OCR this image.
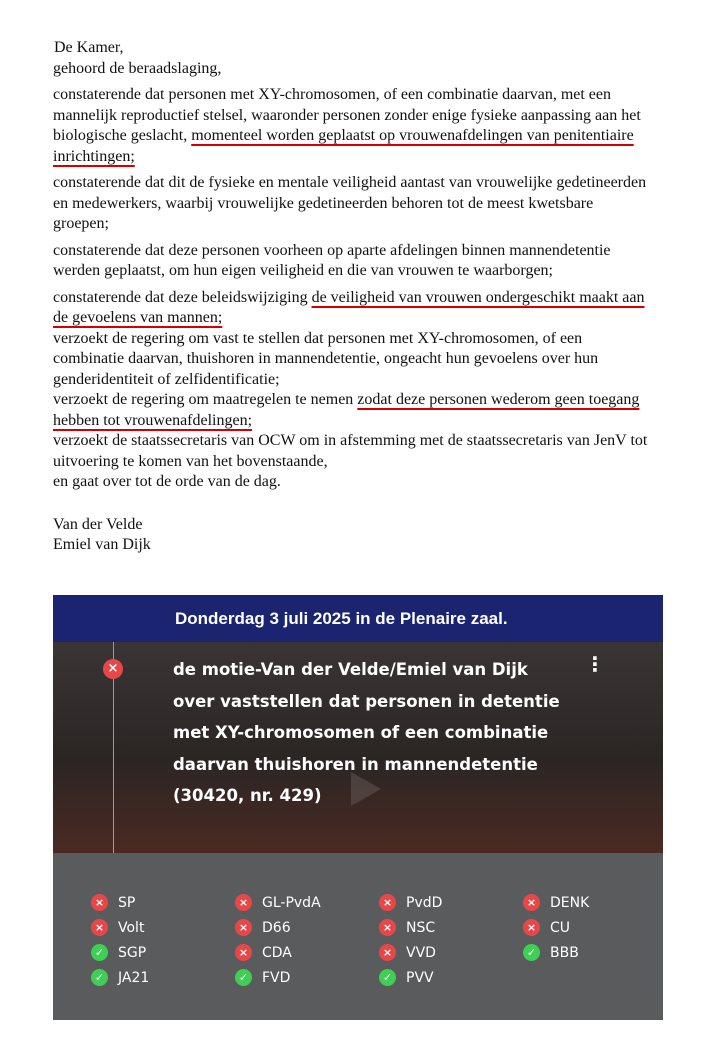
De Kamer,

gehoord de beraadslaging,

constaterende dat personen met XY-chromosomen, of een combinatie daarvan, met een mannelijk reproductief stelsel, waaronder personen zonder enige fysieke aanpassing aan het biologische geslacht, momenteel worden geplaatst op vrouwenafdelingen van penitentiaire inrichtingen;

constaterende dat dit de fysieke en mentale veiligheid aantast van vrouwelijke gedetineerden en medewerkers, waarbij vrouwelijke gedetineerden behoren tot de meest kwetsbare groepen;

constaterende dat deze personen voorheen op aparte afdelingen binnen mannendetentie werden geplaatst, om hun eigen veiligheid en die van vrouwen te waarborgen;

constaterende dat deze beleidswijziging de veiligheid van vrouwen ondergeschikt maakt aan de gevoelens van mannen;

verzoekt de regering om vast te stellen dat personen met XY-chromosomen, of een combinatie daarvan, thuishoren in mannendetentie, ongeacht hun gevoelens over hun genderidentiteit of zelfidentificatie;

verzoekt de regering om maatregelen te nemen zodat deze personen wederom geen toegang hebben tot vrouwenafdelingen;

verzoekt de staatssecretaris van OCW om in afstemming met de staatssecretaris van JenV tot uitvoering te komen van het bovenstaande,

en gaat over tot de orde van de dag.

Van der Velde

Emiel van Dijk

Donderdag 3 juli 2025 in de Plenaire zaal.
×	de motie-Van der Velde/Emiel van Dijk over vaststellen dat personen in detentie met XY-chromosomen of een combinatie daarvan thuishoren in mannendetentie (30420, nr. 429)
⋮
× SP	× GL-PvdA	× PvdD	× DENK
× Volt	× D66	× NSC	× CU
✓ SGP	× CDA	× VVD	✓ BBB
✓ JA21	✓ FVD	✓ PVV
